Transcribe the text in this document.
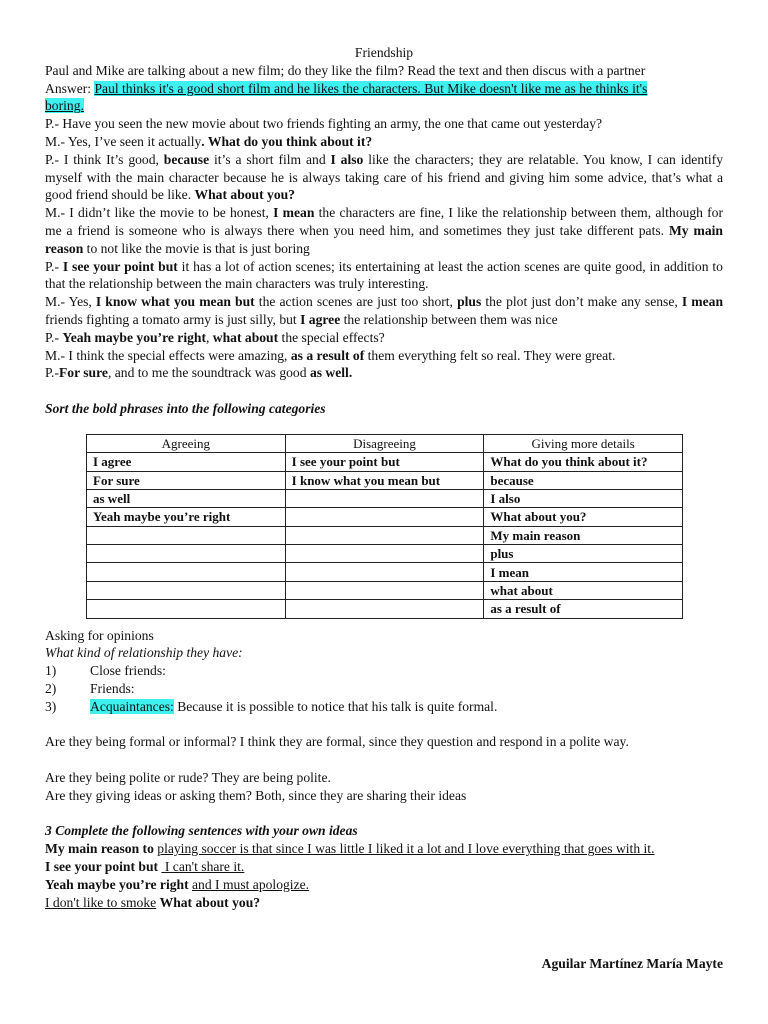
Friendship

Paul and Mike are talking about a new film; do they like the film? Read the text and then discus with a partner

Answer: Paul thinks it's a good short film and he likes the characters. But Mike doesn't like me as he thinks it's

boring.

P.- Have you seen the new movie about two friends fighting an army, the one that came out yesterday?

M.- Yes, I’ve seen it actually. What do you think about it?

P.- I think It’s good, because it’s a short film and I also like the characters; they are relatable. You know, I can identify myself with the main character because he is always taking care of his friend and giving him some advice, that’s what a good friend should be like. What about you?

M.- I didn’t like the movie to be honest, I mean the characters are fine, I like the relationship between them, although for me a friend is someone who is always there when you need him, and sometimes they just take different pats. My main reason to not like the movie is that is just boring

P.- I see your point but it has a lot of action scenes; its entertaining at least the action scenes are quite good, in addition to that the relationship between the main characters was truly interesting.

M.- Yes, I know what you mean but the action scenes are just too short, plus the plot just don’t make any sense, I mean friends fighting a tomato army is just silly, but I agree the relationship between them was nice

P.- Yeah maybe you’re right, what about the special effects?

M.- I think the special effects were amazing, as a result of them everything felt so real. They were great.

P.-For sure, and to me the soundtrack was good as well.

Sort the bold phrases into the following categories

Agreeing	Disagreeing	Giving more details
I agree	I see your point but	What do you think about it?
For sure	I know what you mean but	because
as well		I also
Yeah maybe you’re right		What about you?
		My main reason
		plus
		I mean
		what about
		as a result of

Asking for opinions

What kind of relationship they have:

1)	Close friends:
2)	Friends:
3)	Acquaintances: Because it is possible to notice that his talk is quite formal.

Are they being formal or informal? I think they are formal, since they question and respond in a polite way.

Are they being polite or rude? They are being polite.

Are they giving ideas or asking them? Both, since they are sharing their ideas

3 Complete the following sentences with your own ideas

My main reason to playing soccer is that since I was little I liked it a lot and I love everything that goes with it.

I see your point but I can't share it.

Yeah maybe you’re right and I must apologize.

I don't like to smoke What about you?

Aguilar Martínez María Mayte
